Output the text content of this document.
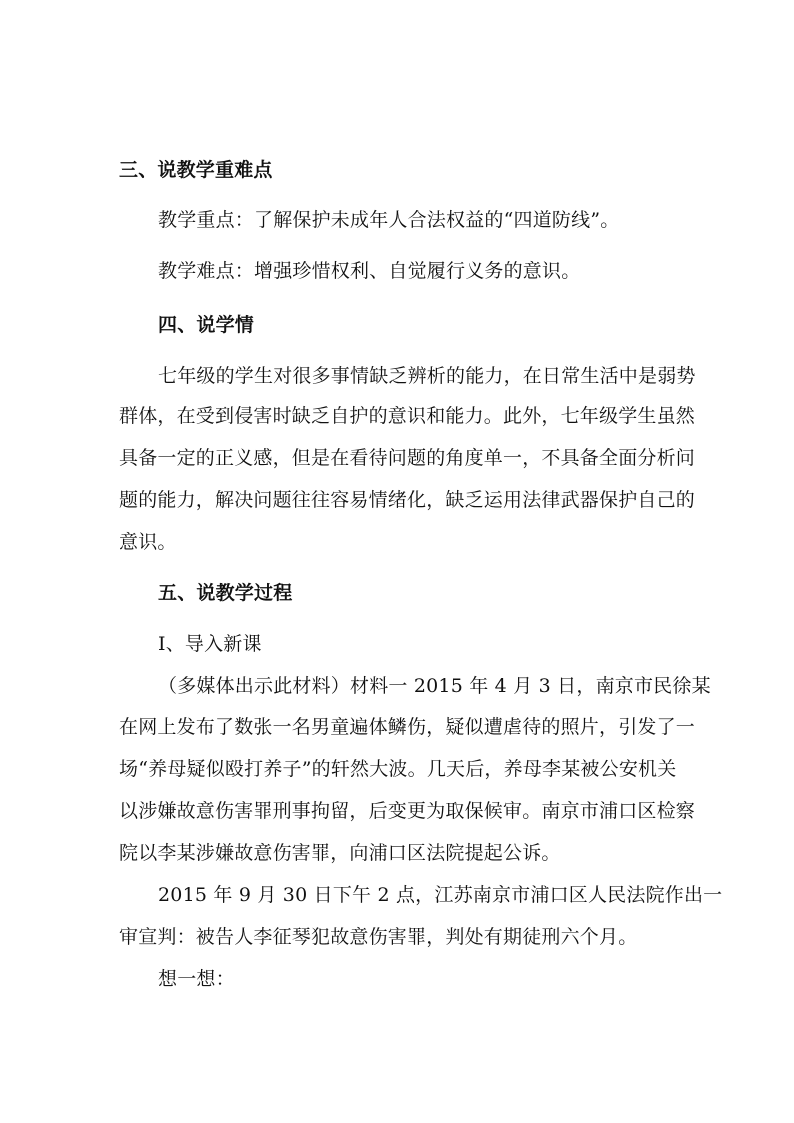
三、说教学重难点
教学重点：了解保护未成年人合法权益的“四道防线”。
教学难点：增强珍惜权利、自觉履行义务的意识。
四、说学情
七年级的学生对很多事情缺乏辨析的能力，在日常生活中是弱势
群体，在受到侵害时缺乏自护的意识和能力。此外，七年级学生虽然
具备一定的正义感，但是在看待问题的角度单一，不具备全面分析问
题的能力，解决问题往往容易情绪化，缺乏运用法律武器保护自己的
意识。
五、说教学过程
Ⅰ、导入新课
（多媒体出示此材料）材料一 2015 年 4 月 3 日，南京市民徐某
在网上发布了数张一名男童遍体鳞伤，疑似遭虐待的照片，引发了一
场“养母疑似殴打养子”的轩然大波。几天后，养母李某被公安机关
以涉嫌故意伤害罪刑事拘留，后变更为取保候审。南京市浦口区检察
院以李某涉嫌故意伤害罪，向浦口区法院提起公诉。
2015 年 9 月 30 日下午 2 点，江苏南京市浦口区人民法院作出一
审宣判：被告人李征琴犯故意伤害罪，判处有期徒刑六个月。
想一想：
